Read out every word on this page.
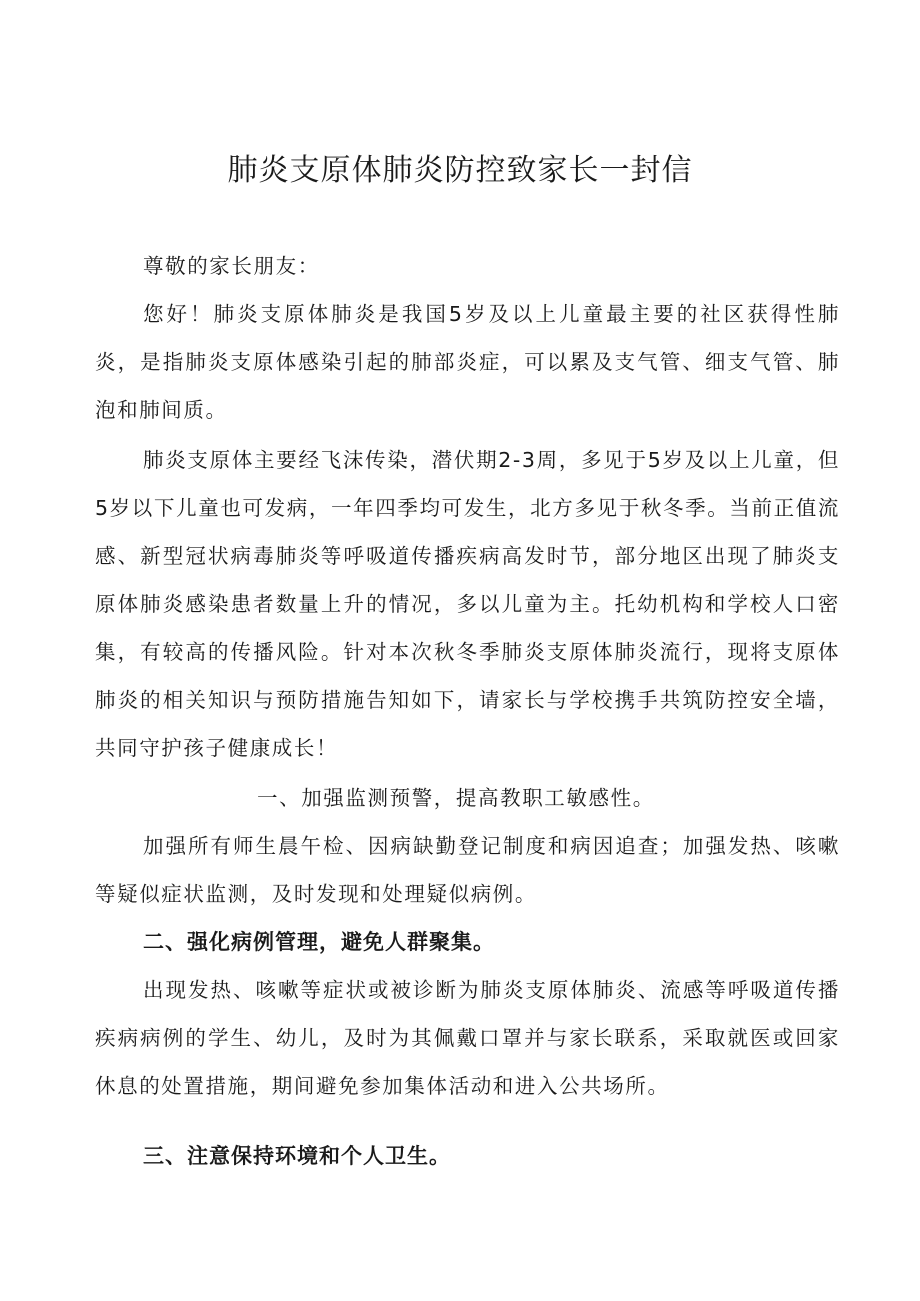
肺炎支原体肺炎防控致家长一封信

尊敬的家长朋友：

您好！肺炎支原体肺炎是我国5岁及以上儿童最主要的社区获得性肺炎，是指肺炎支原体感染引起的肺部炎症，可以累及支气管、细支气管、肺泡和肺间质。

肺炎支原体主要经飞沫传染，潜伏期2-3周，多见于5岁及以上儿童，但5岁以下儿童也可发病，一年四季均可发生，北方多见于秋冬季。当前正值流感、新型冠状病毒肺炎等呼吸道传播疾病高发时节，部分地区出现了肺炎支原体肺炎感染患者数量上升的情况，多以儿童为主。托幼机构和学校人口密集，有较高的传播风险。针对本次秋冬季肺炎支原体肺炎流行，现将支原体肺炎的相关知识与预防措施告知如下，请家长与学校携手共筑防控安全墙，共同守护孩子健康成长！

一、加强监测预警，提高教职工敏感性。

加强所有师生晨午检、因病缺勤登记制度和病因追查；加强发热、咳嗽等疑似症状监测，及时发现和处理疑似病例。

二、强化病例管理，避免人群聚集。

出现发热、咳嗽等症状或被诊断为肺炎支原体肺炎、流感等呼吸道传播疾病病例的学生、幼儿，及时为其佩戴口罩并与家长联系，采取就医或回家休息的处置措施，期间避免参加集体活动和进入公共场所。

三、注意保持环境和个人卫生。
